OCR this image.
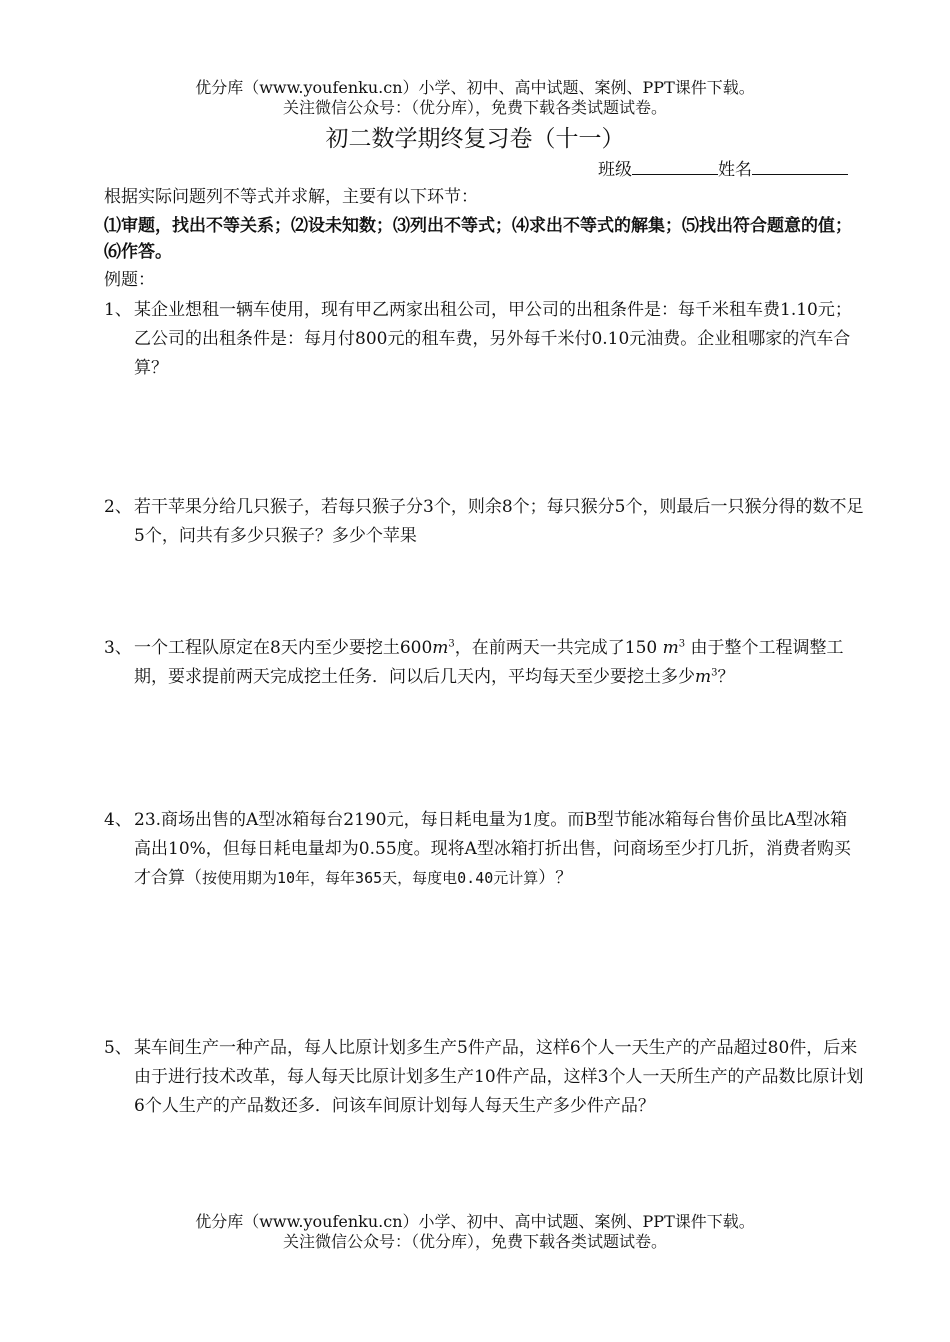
优分库（www.youfenku.cn）小学、初中、高中试题、案例、PPT课件下载。
关注微信公众号：（优分库），免费下载各类试题试卷。
初二数学期终复习卷（十一）
班级	姓名
根据实际问题列不等式并求解，主要有以下环节：
⑴审题，找出不等关系；⑵设未知数；⑶列出不等式；⑷求出不等式的解集；⑸找出符合题意的值；⑹作答。
例题：
1、 某企业想租一辆车使用，现有甲乙两家出租公司，甲公司的出租条件是：每千米租车费1.10元；乙公司的出租条件是：每月付800元的租车费，另外每千米付0.10元油费。企业租哪家的汽车合算？
2、 若干苹果分给几只猴子，若每只猴子分3个，则余8个；每只猴分5个，则最后一只猴分得的数不足5个，问共有多少只猴子？多少个苹果
3、 一个工程队原定在8天内至少要挖土$600m^3$，在前两天一共完成了150 $m^3$ 由于整个工程调整工期，要求提前两天完成挖土任务．问以后几天内，平均每天至少要挖土多少$m^3$？
4、 23.商场出售的A型冰箱每台2190元，每日耗电量为1度。而B型节能冰箱每台售价虽比A型冰箱高出10%，但每日耗电量却为0.55度。现将A型冰箱打折出售，问商场至少打几折，消费者购买才合算（按使用期为10年，每年365天，每度电0.40元计算）？
5、 某车间生产一种产品，每人比原计划多生产5件产品，这样6个人一天生产的产品超过80件，后来由于进行技术改革，每人每天比原计划多生产10件产品，这样3个人一天所生产的产品数比原计划6个人生产的产品数还多．问该车间原计划每人每天生产多少件产品？
优分库（www.youfenku.cn）小学、初中、高中试题、案例、PPT课件下载。
关注微信公众号：（优分库），免费下载各类试题试卷。
